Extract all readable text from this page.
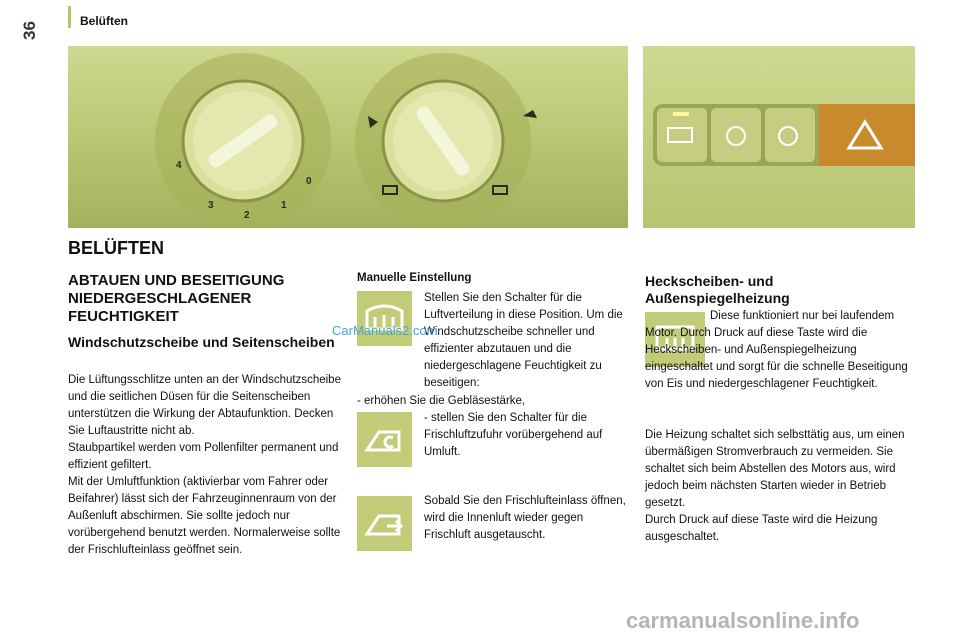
36
Belüften
4
3
2
1
0
BELÜFTEN
ABTAUEN UND BESEITIGUNG NIEDERGESCHLAGENER FEUCHTIGKEIT
Windschutzscheibe und Seitenscheiben
Die Lüftungsschlitze unten an der Windschutzscheibe und die seitlichen Düsen für die Seitenscheiben unterstützen die Wirkung der Abtaufunktion. Decken Sie Luftaustritte nicht ab.
Staubpartikel werden vom Pollenfilter permanent und effizient gefiltert.
Mit der Umluftfunktion (aktivierbar vom Fahrer oder Beifahrer) lässt sich der Fahrzeuginnenraum von der Außenluft abschirmen. Sie sollte jedoch nur vorübergehend benutzt werden. Normalerweise sollte der Frischlufteinlass geöffnet sein.
Manuelle Einstellung
Stellen Sie den Schalter für die Luftverteilung in diese Position. Um die Windschutzscheibe schneller und effizienter abzutauen und die niedergeschlagene Feuchtigkeit zu beseitigen:
- erhöhen Sie die Gebläsestärke,
- stellen Sie den Schalter für die Frischluftzufuhr vorübergehend auf Umluft.
Sobald Sie den Frischlufteinlass öffnen, wird die Innenluft wieder gegen Frischluft ausgetauscht.
Heckscheiben- und Außenspiegelheizung
Diese funktioniert nur bei laufendem Motor. Durch Druck auf diese Taste wird die Heckscheiben- und Außenspiegelheizung eingeschaltet und sorgt für die schnelle Beseitigung von Eis und niedergeschlagener Feuchtigkeit.
Die Heizung schaltet sich selbsttätig aus, um einen übermäßigen Stromverbrauch zu vermeiden. Sie schaltet sich beim Abstellen des Motors aus, wird jedoch beim nächsten Starten wieder in Betrieb gesetzt.
Durch Druck auf diese Taste wird die Heizung ausgeschaltet.
CarManuals2.com
carmanualsonline.info
